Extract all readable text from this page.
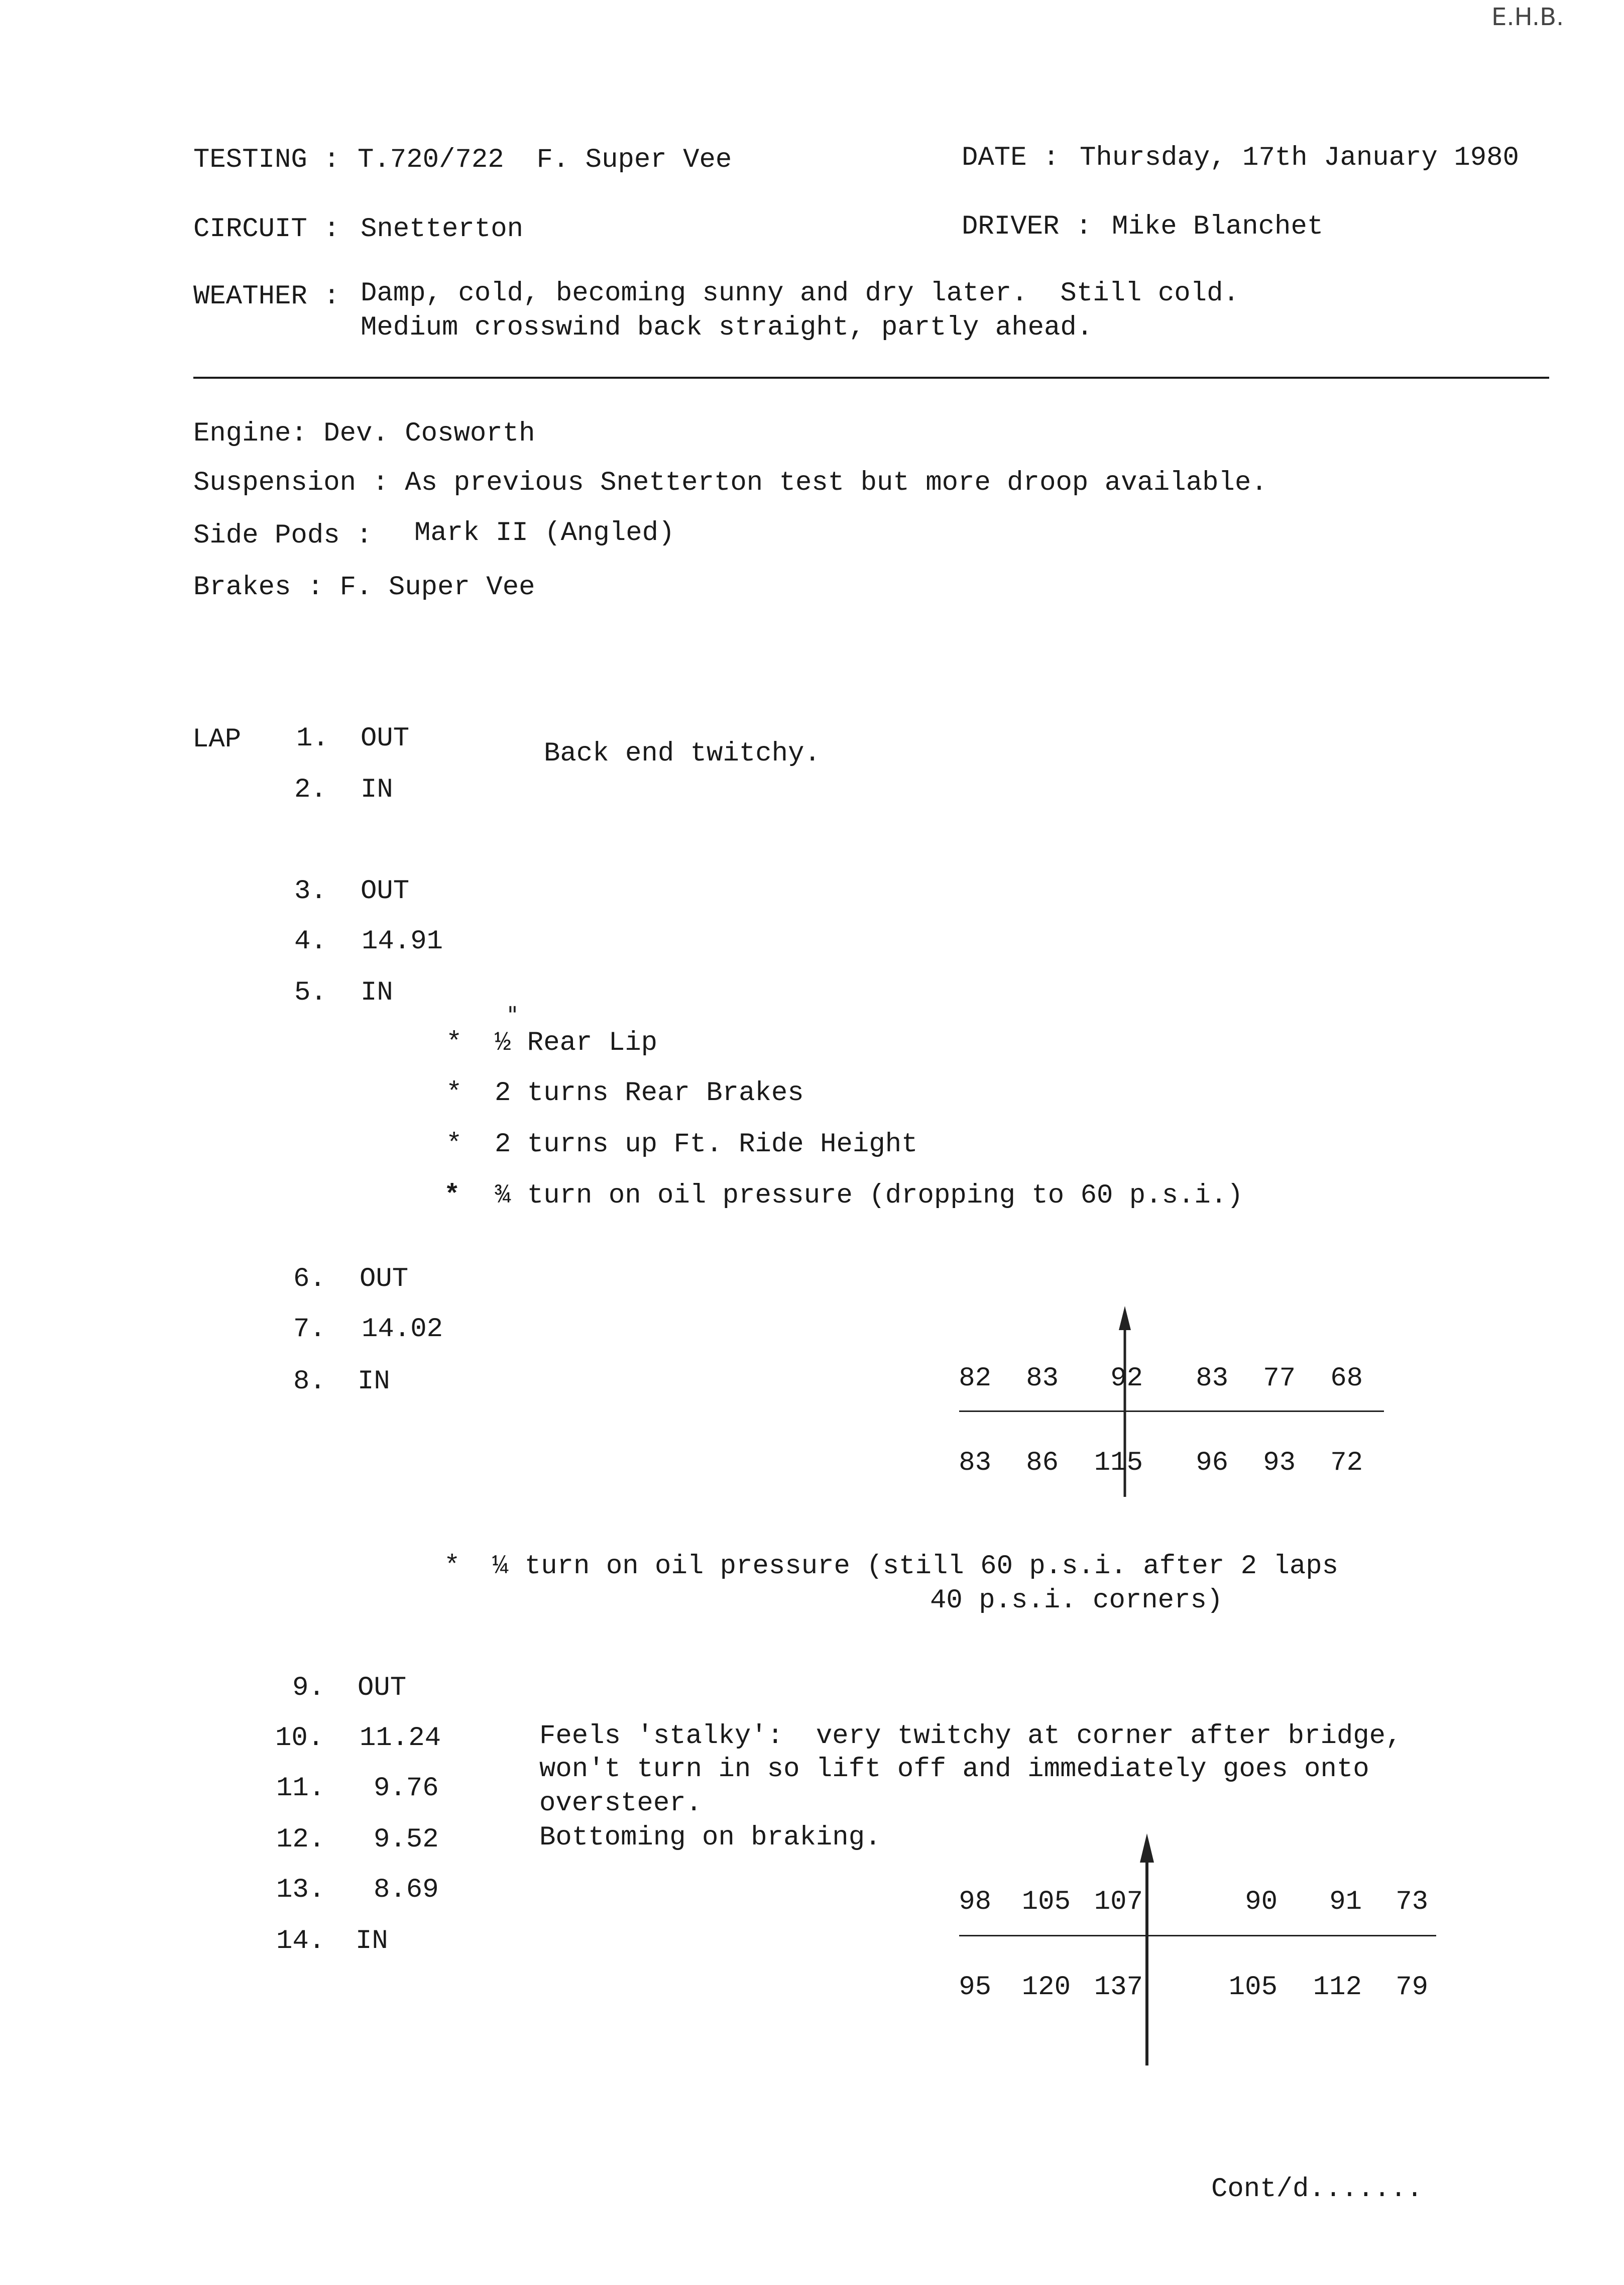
E.H.B.
TESTING : T.720/722  F. Super Vee	DATE : Thursday, 17th January 1980
CIRCUIT : Snetterton	DRIVER : Mike Blanchet
WEATHER : Damp, cold, becoming sunny and dry later.  Still cold.
Medium crosswind back straight, partly ahead.
Engine: Dev. Cosworth
Suspension : As previous Snetterton test but more droop available.
Side Pods : Mark II (Angled)
Brakes : F. Super Vee
LAP 1. OUT
2. IN
3. OUT
4. 14.91
5. IN
6. OUT
7. 14.02
8. IN
9. OUT
10. 11.24
11. 9.76
12. 9.52
13. 8.69
14. IN
Back end twitchy.
"
* ½ Rear Lip
* 2 turns Rear Brakes
* 2 turns up Ft. Ride Height
* ¾ turn on oil pressure (dropping to 60 p.s.i.)
* ¼ turn on oil pressure (still 60 p.s.i. after 2 laps
40 p.s.i. corners)
Feels 'stalky':  very twitchy at corner after bridge,
won't turn in so lift off and immediately goes onto
oversteer.
Bottoming on braking.
82	83	92	83	77	68
83	86	115	96	93	72
98	105 107	90	91	73
95	120 137	105	112	79
Cont/d.......
